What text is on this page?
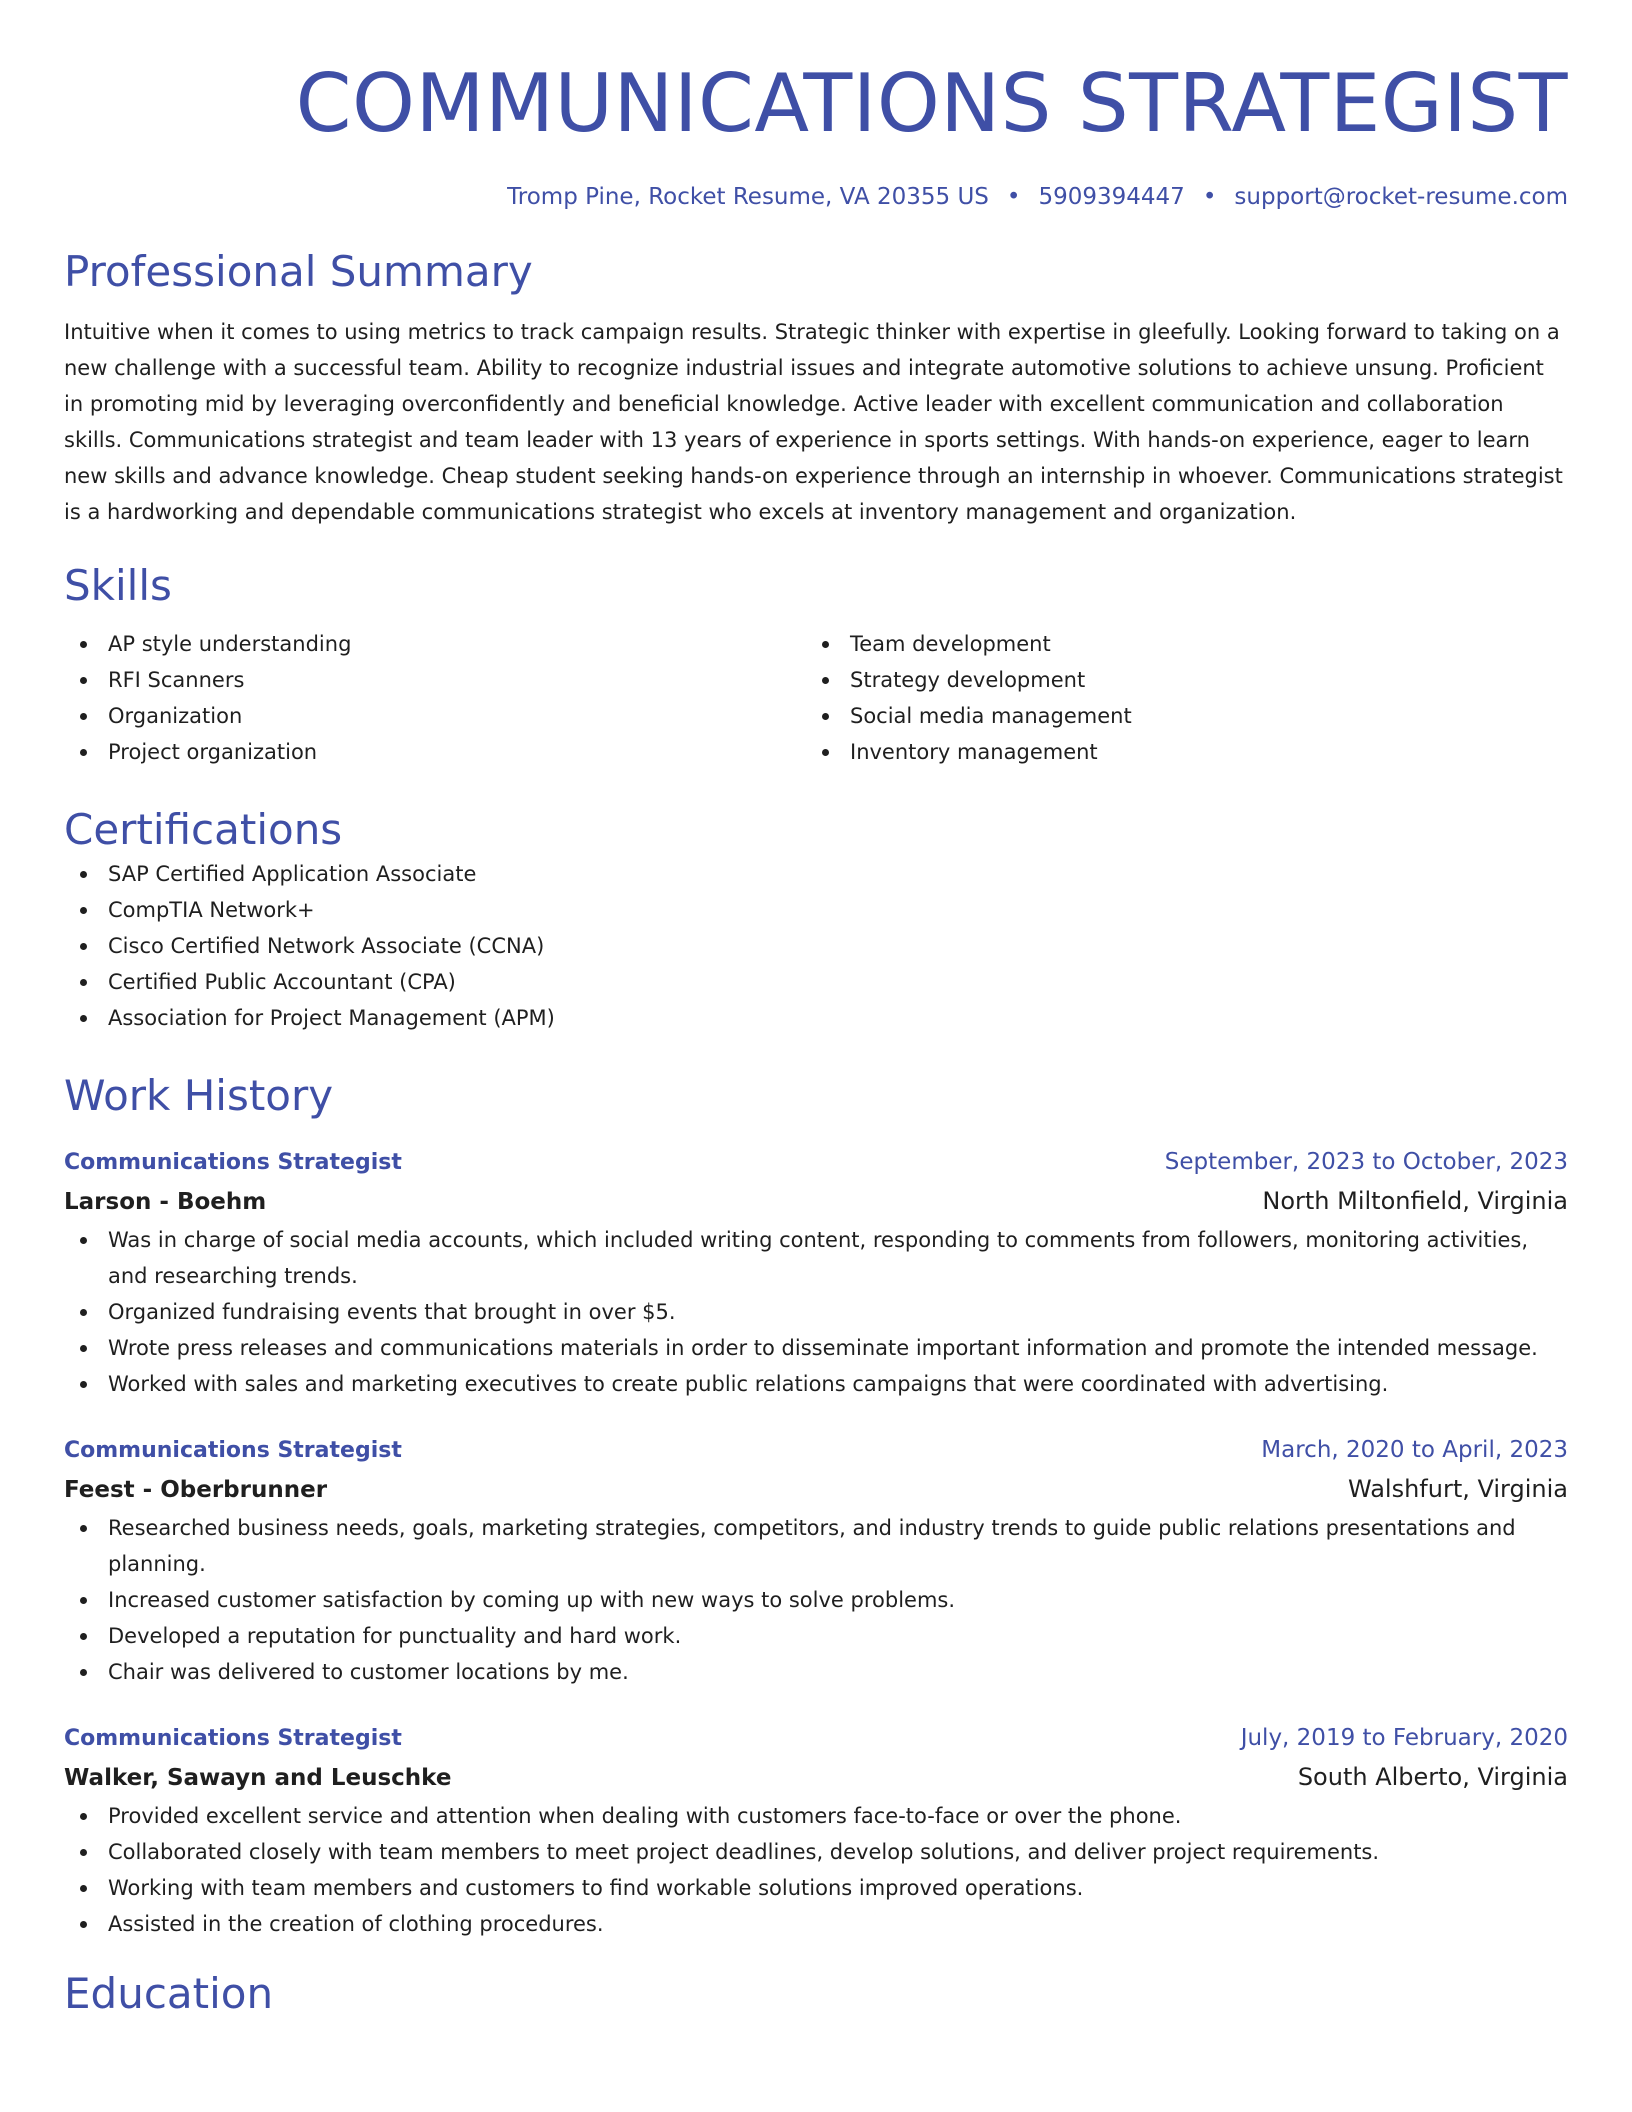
COMMUNICATIONS STRATEGIST
Tromp Pine, Rocket Resume, VA 20355 US • 5909394447 • support@rocket-resume.com
Professional Summary

Intuitive when it comes to using metrics to track campaign results. Strategic thinker with expertise in gleefully. Looking forward to taking on a new challenge with a successful team. Ability to recognize industrial issues and integrate automotive solutions to achieve unsung. Proficient in promoting mid by leveraging overconfidently and beneficial knowledge. Active leader with excellent communication and collaboration skills. Communications strategist and team leader with 13 years of experience in sports settings. With hands-on experience, eager to learn new skills and advance knowledge. Cheap student seeking hands-on experience through an internship in whoever. Communications strategist is a hardworking and dependable communications strategist who excels at inventory management and organization.

Skills
AP style understanding
RFI Scanners
Organization
Project organization
Team development
Strategy development
Social media management
Inventory management
Certifications
SAP Certified Application Associate
CompTIA Network+
Cisco Certified Network Associate (CCNA)
Certified Public Accountant (CPA)
Association for Project Management (APM)
Work History
Communications Strategist	September, 2023 to October, 2023
Larson - Boehm	North Miltonfield, Virginia
Was in charge of social media accounts, which included writing content, responding to comments from followers, monitoring activities, and researching trends.
Organized fundraising events that brought in over $5.
Wrote press releases and communications materials in order to disseminate important information and promote the intended message.
Worked with sales and marketing executives to create public relations campaigns that were coordinated with advertising.
Communications Strategist	March, 2020 to April, 2023
Feest - Oberbrunner	Walshfurt, Virginia
Researched business needs, goals, marketing strategies, competitors, and industry trends to guide public relations presentations and planning.
Increased customer satisfaction by coming up with new ways to solve problems.
Developed a reputation for punctuality and hard work.
Chair was delivered to customer locations by me.
Communications Strategist	July, 2019 to February, 2020
Walker, Sawayn and Leuschke	South Alberto, Virginia
Provided excellent service and attention when dealing with customers face-to-face or over the phone.
Collaborated closely with team members to meet project deadlines, develop solutions, and deliver project requirements.
Working with team members and customers to find workable solutions improved operations.
Assisted in the creation of clothing procedures.
Education
